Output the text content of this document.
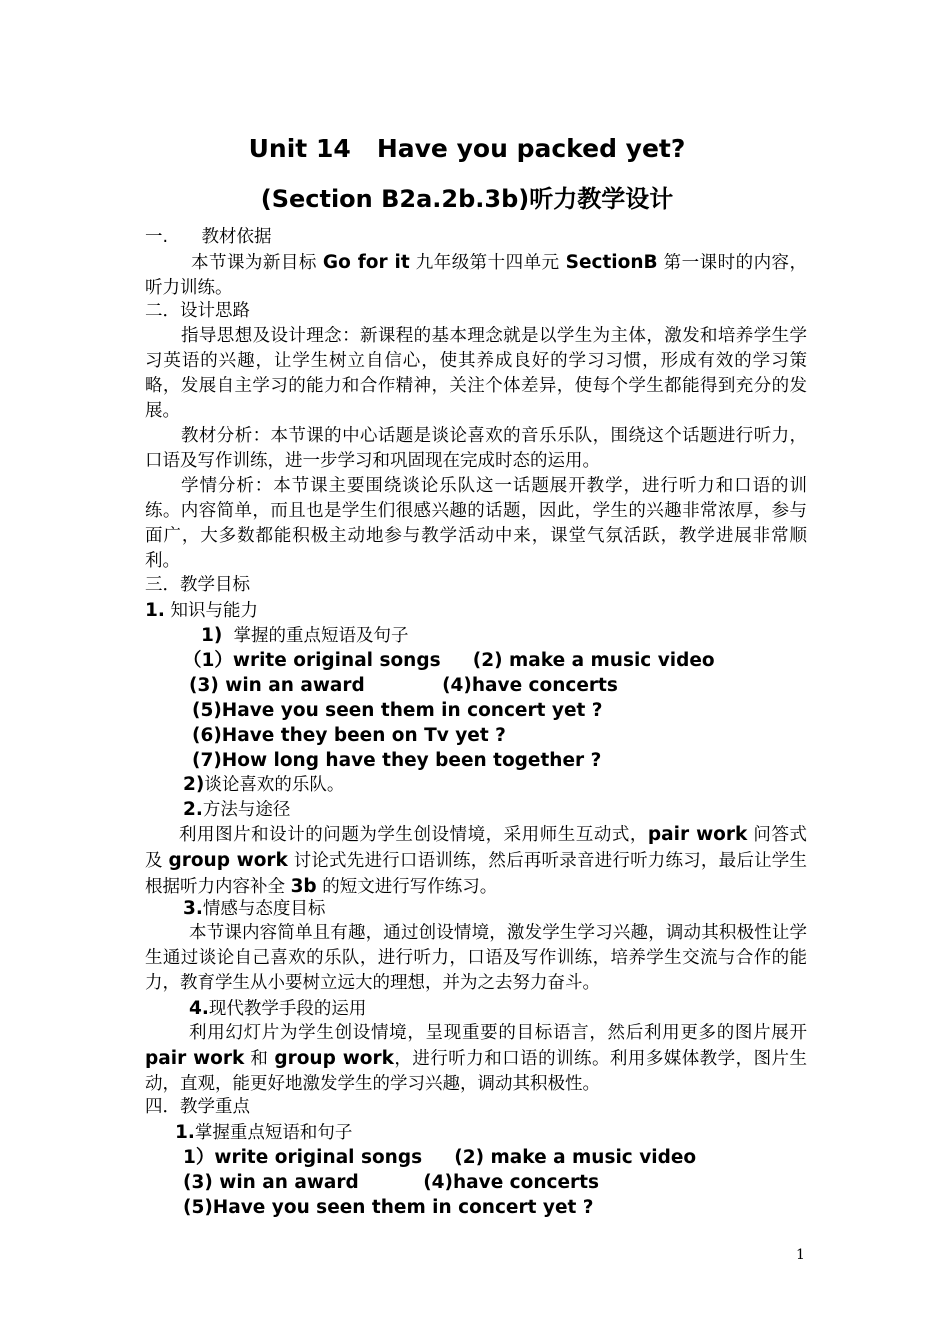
Unit 14   Have you packed yet?
(Section B2a.2b.3b)听力教学设计
一.      教材依据
本节课为新目标 Go for it 九年级第十四单元 SectionB 第一课时的内容，听力训练。
二．设计思路
指导思想及设计理念：新课程的基本理念就是以学生为主体，激发和培养学生学习英语的兴趣，让学生树立自信心，使其养成良好的学习习惯，形成有效的学习策略，发展自主学习的能力和合作精神，关注个体差异，使每个学生都能得到充分的发展。
教材分析：本节课的中心话题是谈论喜欢的音乐乐队，围绕这个话题进行听力，口语及写作训练，进一步学习和巩固现在完成时态的运用。
学情分析：本节课主要围绕谈论乐队这一话题展开教学，进行听力和口语的训练。内容简单，而且也是学生们很感兴趣的话题，因此，学生的兴趣非常浓厚，参与面广，大多数都能积极主动地参与教学活动中来，课堂气氛活跃，教学进展非常顺利。
三．教学目标
1. 知识与能力
1)  掌握的重点短语及句子
（1）write original songs     (2) make a music video
(3) win an award            (4)have concerts
(5)Have you seen them in concert yet ?
(6)Have they been on Tv yet ?
(7)How long have they been together ?
2)谈论喜欢的乐队。
2.方法与途径
利用图片和设计的问题为学生创设情境，采用师生互动式，pair work 问答式及 group work 讨论式先进行口语训练，然后再听录音进行听力练习，最后让学生根据听力内容补全 3b 的短文进行写作练习。
3.情感与态度目标
本节课内容简单且有趣，通过创设情境，激发学生学习兴趣，调动其积极性让学生通过谈论自己喜欢的乐队，进行听力，口语及写作训练，培养学生交流与合作的能力，教育学生从小要树立远大的理想，并为之去努力奋斗。
4.现代教学手段的运用
利用幻灯片为学生创设情境，呈现重要的目标语言，然后利用更多的图片展开 pair work 和 group work，进行听力和口语的训练。利用多媒体教学，图片生动，直观，能更好地激发学生的学习兴趣，调动其积极性。
四．教学重点
1.掌握重点短语和句子
1）write original songs     (2) make a music video
(3) win an award          (4)have concerts
(5)Have you seen them in concert yet ?
1
